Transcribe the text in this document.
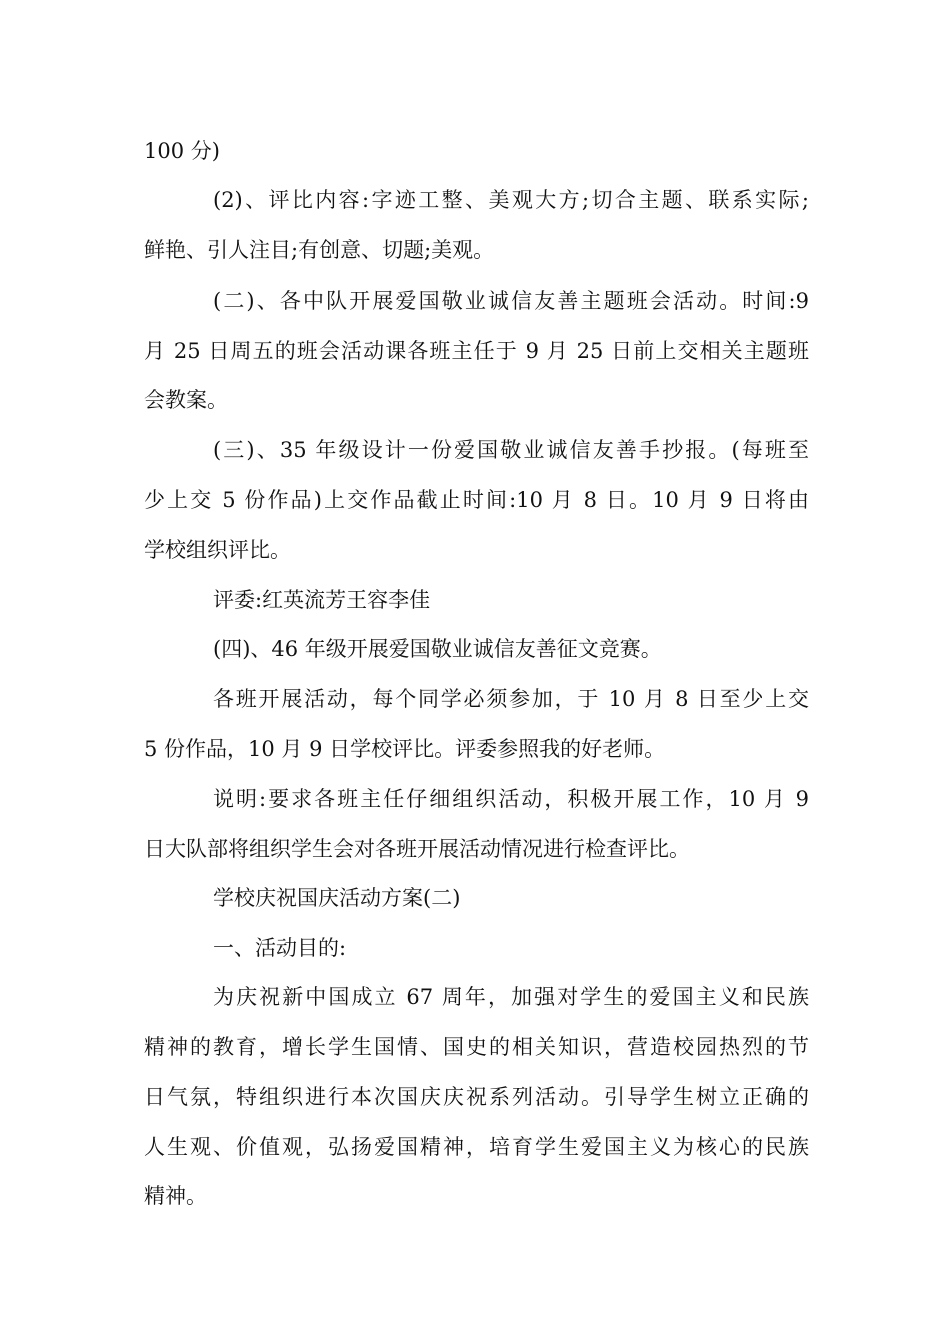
100 分)
(2)、评比内容:字迹工整、美观大方;切合主题、联系实际;
鲜艳、引人注目;有创意、切题;美观。
(二)、各中队开展爱国敬业诚信友善主题班会活动。时间:9
月 25 日周五的班会活动课各班主任于 9 月 25 日前上交相关主题班
会教案。
(三)、35 年级设计一份爱国敬业诚信友善手抄报。(每班至
少上交 5 份作品)上交作品截止时间:10 月 8 日。10 月 9 日将由
学校组织评比。
评委:红英流芳王容李佳
(四)、46 年级开展爱国敬业诚信友善征文竞赛。
各班开展活动，每个同学必须参加，于 10 月 8 日至少上交
5 份作品，10 月 9 日学校评比。评委参照我的好老师。
说明:要求各班主任仔细组织活动，积极开展工作，10 月 9
日大队部将组织学生会对各班开展活动情况进行检查评比。
学校庆祝国庆活动方案(二)
一、活动目的:
为庆祝新中国成立 67 周年，加强对学生的爱国主义和民族
精神的教育，增长学生国情、国史的相关知识，营造校园热烈的节
日气氛，特组织进行本次国庆庆祝系列活动。引导学生树立正确的
人生观、价值观，弘扬爱国精神，培育学生爱国主义为核心的民族
精神。
